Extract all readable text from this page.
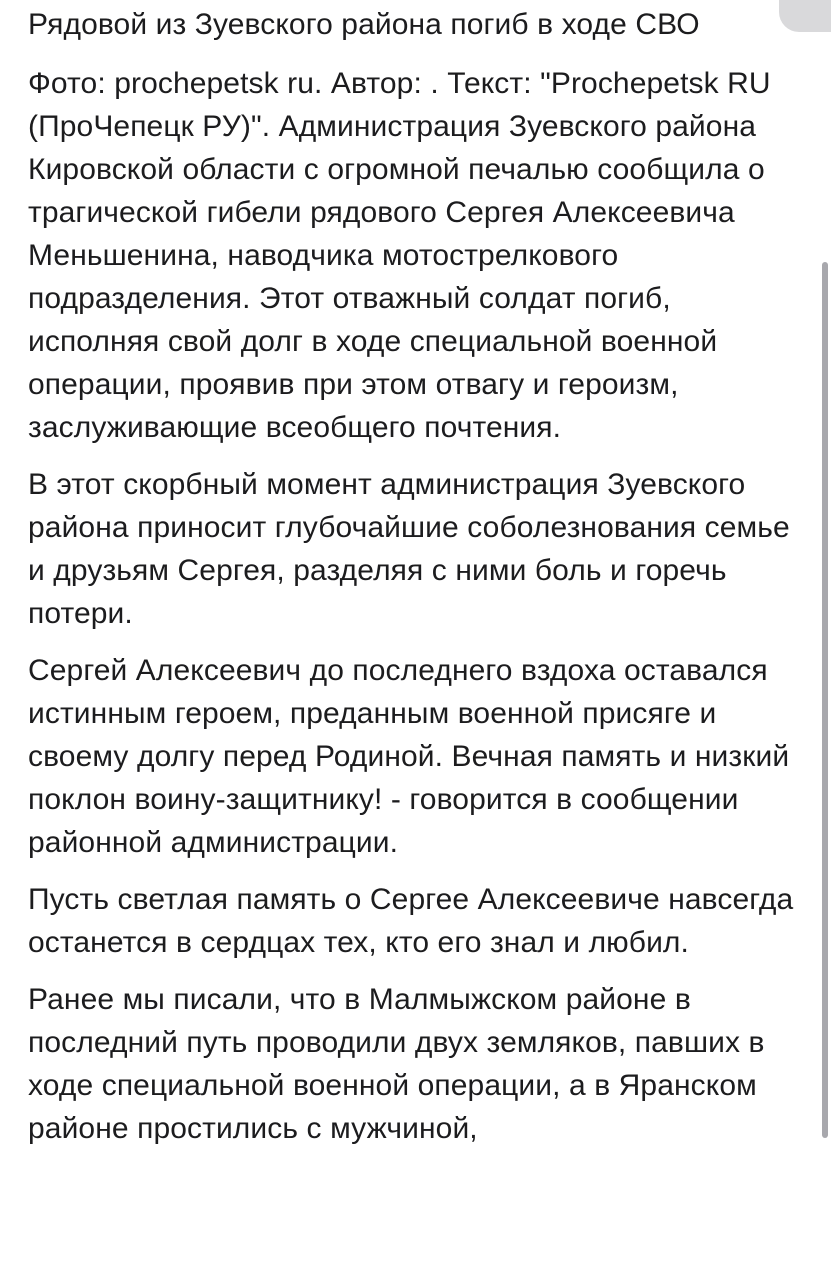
Рядовой из Зуевского района погиб в ходе СВО

Фото: prochepetsk ru. Автор: . Текст: "Prochepetsk RU (ПроЧепецк РУ)". Администрация Зуевского района Кировской области с огромной печалью сообщила о трагической гибели рядового Сергея Алексеевича Меньшенина, наводчика мотострелкового подразделения. Этот отважный солдат погиб, исполняя свой долг в ходе специальной военной операции, проявив при этом отвагу и героизм, заслуживающие всеобщего почтения.

В этот скорбный момент администрация Зуевского района приносит глубочайшие соболезнования семье и друзьям Сергея, разделяя с ними боль и горечь потери.

Сергей Алексеевич до последнего вздоха оставался истинным героем, преданным военной присяге и своему долгу перед Родиной. Вечная память и низкий поклон воину-защитнику! - говорится в сообщении районной администрации.

Пусть светлая память о Сергее Алексеевиче навсегда останется в сердцах тех, кто его знал и любил.

Ранее мы писали, что в Малмыжском районе в последний путь проводили двух земляков, павших в ходе специальной военной операции, а в Яранском районе простились с мужчиной,
